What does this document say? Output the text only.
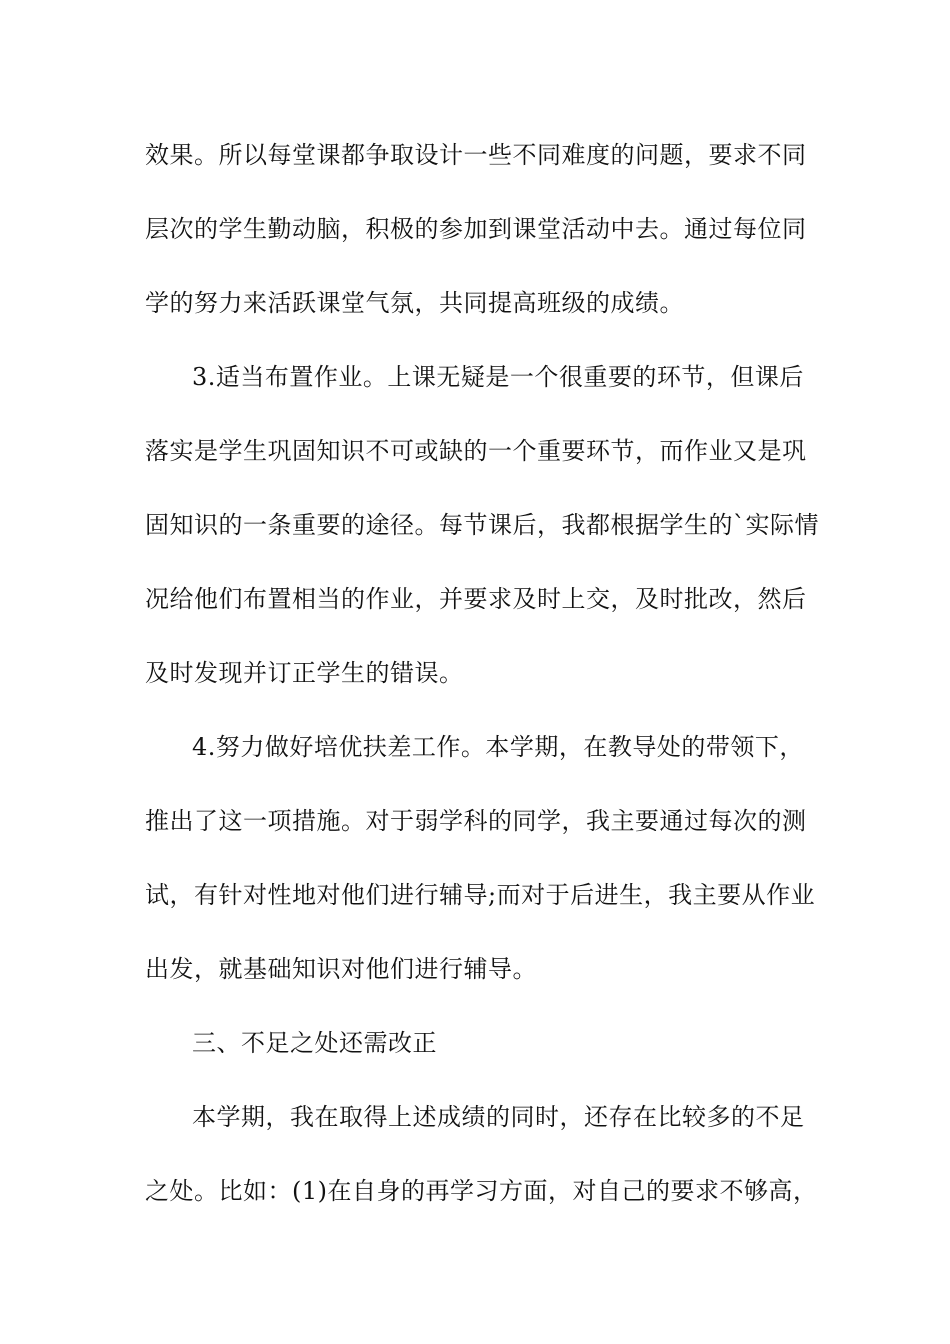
效果。所以每堂课都争取设计一些不同难度的问题，要求不同
层次的学生勤动脑，积极的参加到课堂活动中去。通过每位同
学的努力来活跃课堂气氛，共同提高班级的成绩。
3.适当布置作业。上课无疑是一个很重要的环节，但课后
落实是学生巩固知识不可或缺的一个重要环节，而作业又是巩
固知识的一条重要的途径。每节课后，我都根据学生的`实际情
况给他们布置相当的作业，并要求及时上交，及时批改，然后
及时发现并订正学生的错误。
4.努力做好培优扶差工作。本学期，在教导处的带领下，
推出了这一项措施。对于弱学科的同学，我主要通过每次的测
试，有针对性地对他们进行辅导;而对于后进生，我主要从作业
出发，就基础知识对他们进行辅导。
三、不足之处还需改正
本学期，我在取得上述成绩的同时，还存在比较多的不足
之处。比如：(1)在自身的再学习方面，对自己的要求不够高，
